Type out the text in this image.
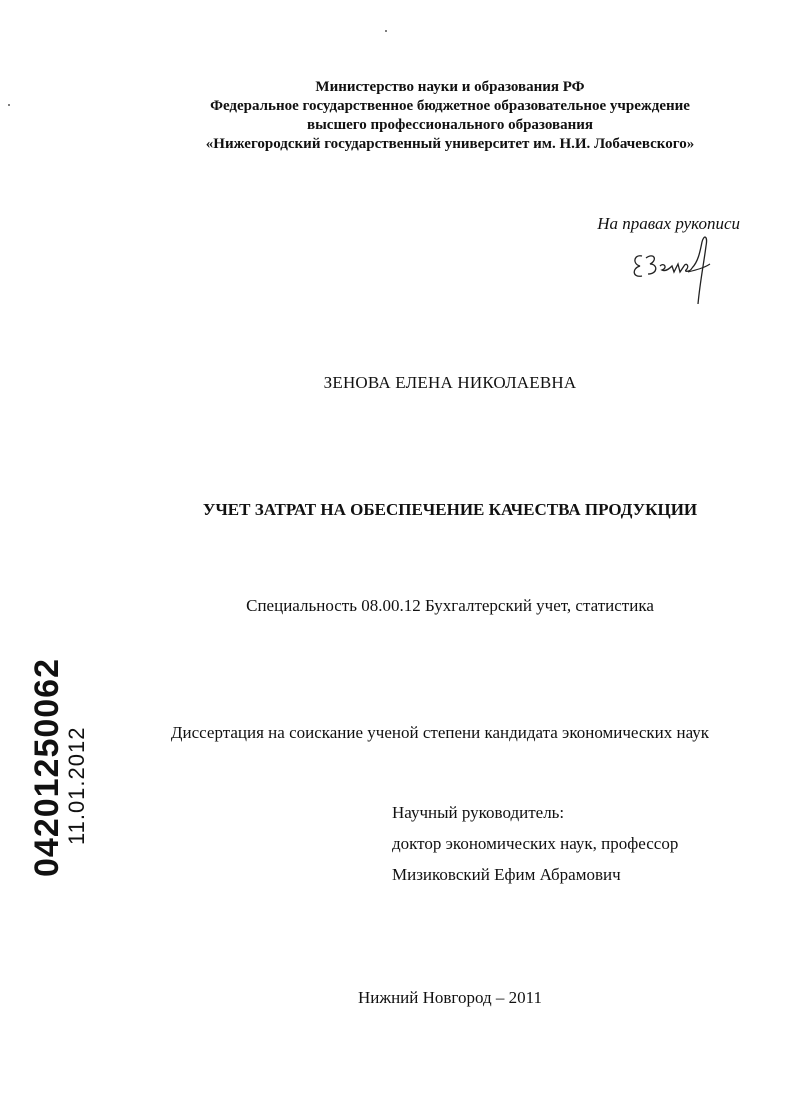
Министерство науки и образования РФ
Федеральное государственное бюджетное образовательное учреждение
высшего профессионального образования
«Нижегородский государственный университет им. Н.И. Лобачевского»
На правах рукописи
ЗЕНОВА ЕЛЕНА НИКОЛАЕВНА
УЧЕТ ЗАТРАТ НА ОБЕСПЕЧЕНИЕ КАЧЕСТВА ПРОДУКЦИИ
Специальность 08.00.12 Бухгалтерский учет, статистика
Диссертация на соискание ученой степени кандидата экономических наук
Научный руководитель:
доктор экономических наук, профессор
Мизиковский Ефим Абрамович
Нижний Новгород – 2011
04201250062
11.01.2012
